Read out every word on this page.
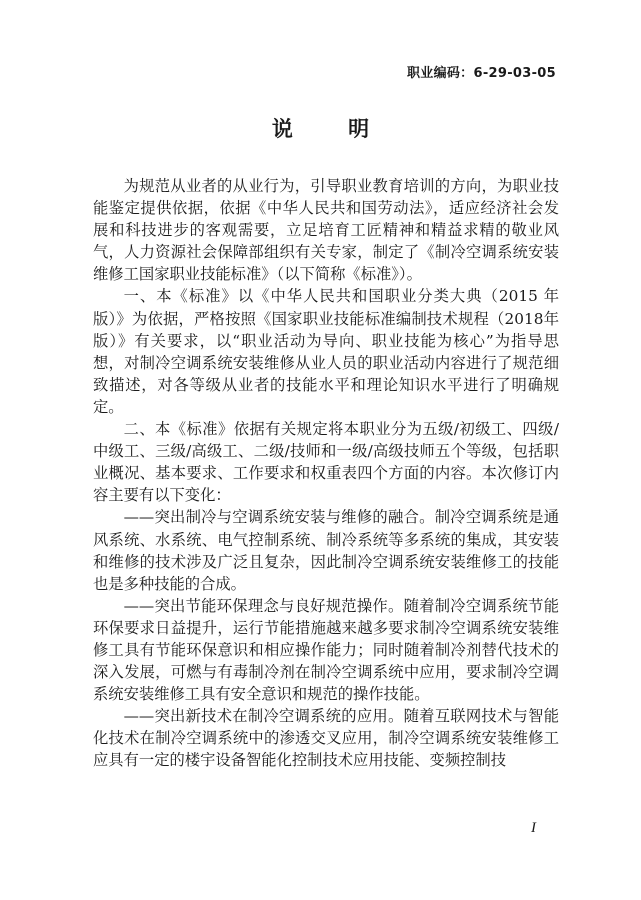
职业编码：6-29-03-05
说 明

为规范从业者的从业行为，引导职业教育培训的方向，为职业技能鉴定提供依据，依据《中华人民共和国劳动法》，适应经济社会发展和科技进步的客观需要，立足培育工匠精神和精益求精的敬业风气，人力资源社会保障部组织有关专家，制定了《制冷空调系统安装维修工国家职业技能标准》（以下简称《标准》）。

一、本《标准》以《中华人民共和国职业分类大典（2015 年版）》为依据，严格按照《国家职业技能标准编制技术规程（2018年版）》有关要求，以“职业活动为导向、职业技能为核心”为指导思想，对制冷空调系统安装维修从业人员的职业活动内容进行了规范细致描述，对各等级从业者的技能水平和理论知识水平进行了明确规定。

二、本《标准》依据有关规定将本职业分为五级/初级工、四级/中级工、三级/高级工、二级/技师和一级/高级技师五个等级，包括职业概况、基本要求、工作要求和权重表四个方面的内容。本次修订内容主要有以下变化：

——突出制冷与空调系统安装与维修的融合。制冷空调系统是通风系统、水系统、电气控制系统、制冷系统等多系统的集成，其安装和维修的技术涉及广泛且复杂，因此制冷空调系统安装维修工的技能也是多种技能的合成。

——突出节能环保理念与良好规范操作。随着制冷空调系统节能环保要求日益提升，运行节能措施越来越多要求制冷空调系统安装维修工具有节能环保意识和相应操作能力；同时随着制冷剂替代技术的深入发展，可燃与有毒制冷剂在制冷空调系统中应用，要求制冷空调系统安装维修工具有安全意识和规范的操作技能。

——突出新技术在制冷空调系统的应用。随着互联网技术与智能化技术在制冷空调系统中的渗透交叉应用，制冷空调系统安装维修工应具有一定的楼宇设备智能化控制技术应用技能、变频控制技

I
